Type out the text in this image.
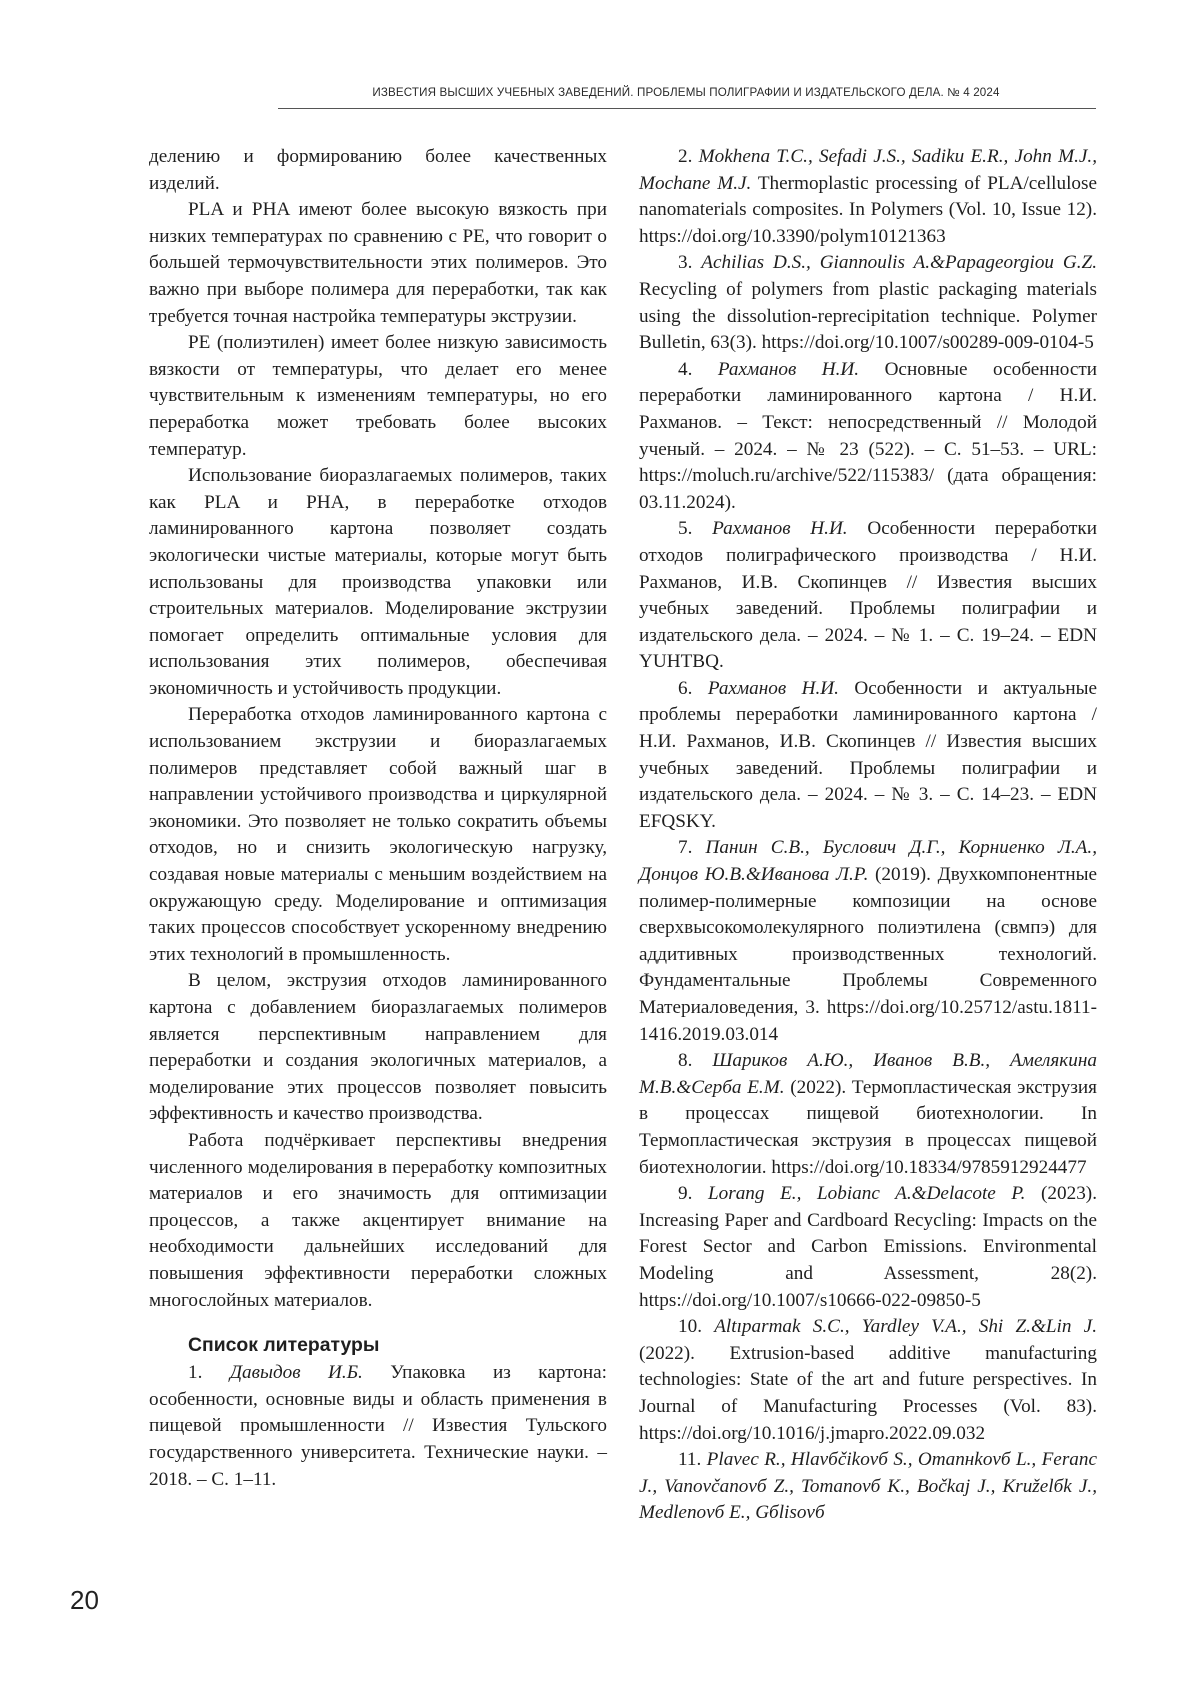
ИЗВЕСТИЯ ВЫСШИХ УЧЕБНЫХ ЗАВЕДЕНИЙ. ПРОБЛЕМЫ ПОЛИГРАФИИ И ИЗДАТЕЛЬСКОГО ДЕЛА. № 4 2024

делению и формированию более качественных изделий.

PLA и PHA имеют более высокую вязкость при низких температурах по сравнению с PE, что говорит о большей термочувствительности этих полимеров. Это важно при выборе полимера для переработки, так как требуется точная настройка температуры экструзии.

PE (полиэтилен) имеет более низкую зависимость вязкости от температуры, что делает его менее чувствительным к изменениям температуры, но его переработка может требовать более высоких температур.

Использование биоразлагаемых полимеров, таких как PLA и PHA, в переработке отходов ламинированного картона позволяет создать экологически чистые материалы, которые могут быть использованы для производства упаковки или строительных материалов. Моделирование экструзии помогает определить оптимальные условия для использования этих полимеров, обеспечивая экономичность и устойчивость продукции.

Переработка отходов ламинированного картона с использованием экструзии и биоразлагаемых полимеров представляет собой важный шаг в направлении устойчивого производства и циркулярной экономики. Это позволяет не только сократить объемы отходов, но и снизить экологическую нагрузку, создавая новые материалы с меньшим воздействием на окружающую среду. Моделирование и оптимизация таких процессов способствует ускоренному внедрению этих технологий в промышленность.

В целом, экструзия отходов ламинированного картона с добавлением биоразлагаемых полимеров является перспективным направлением для переработки и создания экологичных материалов, а моделирование этих процессов позволяет повысить эффективность и качество производства.

Работа подчёркивает перспективы внедрения численного моделирования в переработку композитных материалов и его значимость для оптимизации процессов, а также акцентирует внимание на необходимости дальнейших исследований для повышения эффективности переработки сложных многослойных материалов.

Список литературы

1. Давыдов И.Б. Упаковка из картона: особенности, основные виды и область применения в пищевой промышленности // Известия Тульского государственного университета. Технические науки. – 2018. – С. 1–11.

2. Mokhena T.C., Sefadi J.S., Sadiku E.R., John M.J., Mochane M.J. Thermoplastic processing of PLA/cellulose nanomaterials composites. In Polymers (Vol. 10, Issue 12). https://doi.org/10.3390/polym10121363

3. Achilias D.S., Giannoulis A.&Papageorgiou G.Z. Recycling of polymers from plastic packaging materials using the dissolution-reprecipitation technique. Polymer Bulletin, 63(3). https://doi.org/10.1007/s00289-009-0104-5

4. Рахманов Н.И. Основные особенности переработки ламинированного картона / Н.И. Рахманов. – Текст: непосредственный // Молодой ученый. – 2024. – № 23 (522). – С. 51–53. – URL: https://moluch.ru/archive/522/115383/ (дата обращения: 03.11.2024).

5. Рахманов Н.И. Особенности переработки отходов полиграфического производства / Н.И. Рахманов, И.В. Скопинцев // Известия высших учебных заведений. Проблемы полиграфии и издательского дела. – 2024. – № 1. – С. 19–24. – EDN YUHTBQ.

6. Рахманов Н.И. Особенности и актуальные проблемы переработки ламинированного картона / Н.И. Рахманов, И.В. Скопинцев // Известия высших учебных заведений. Проблемы полиграфии и издательского дела. – 2024. – № 3. – С. 14–23. – EDN EFQSKY.

7. Панин С.В., Буслович Д.Г., Корниенко Л.А., Донцов Ю.В.&Иванова Л.Р. (2019). Двухкомпонентные полимер-полимерные композиции на основе сверхвысокомолекулярного полиэтилена (свмпэ) для аддитивных производственных технологий. Фундаментальные Проблемы Современного Материаловедения, 3. https://doi.org/10.25712/astu.1811-1416.2019.03.014

8. Шариков А.Ю., Иванов В.В., Амелякина М.В.&Серба Е.М. (2022). Термопластическая экструзия в процессах пищевой биотехнологии. In Термопластическая экструзия в процессах пищевой биотехнологии. https://doi.org/10.18334/9785912924477

9. Lorang E., Lobianc A.&Delacote P. (2023). Increasing Paper and Cardboard Recycling: Impacts on the Forest Sector and Carbon Emissions. Environmental Modeling and Assessment, 28(2). https://doi.org/10.1007/s10666-022-09850-5

10. Altıparmak S.C., Yardley V.A., Shi Z.&Lin J. (2022). Extrusion-based additive manufacturing technologies: State of the art and future perspectives. In Journal of Manufacturing Processes (Vol. 83). https://doi.org/10.1016/j.jmapro.2022.09.032

11. Plavec R., Hlavбčikovб S., Omanнkovб L., Feranc J., Vanovčanovб Z., Tomanovб K., Bočkaj J., Kruželбk J., Medlenovб E., Gбlisovб

20
